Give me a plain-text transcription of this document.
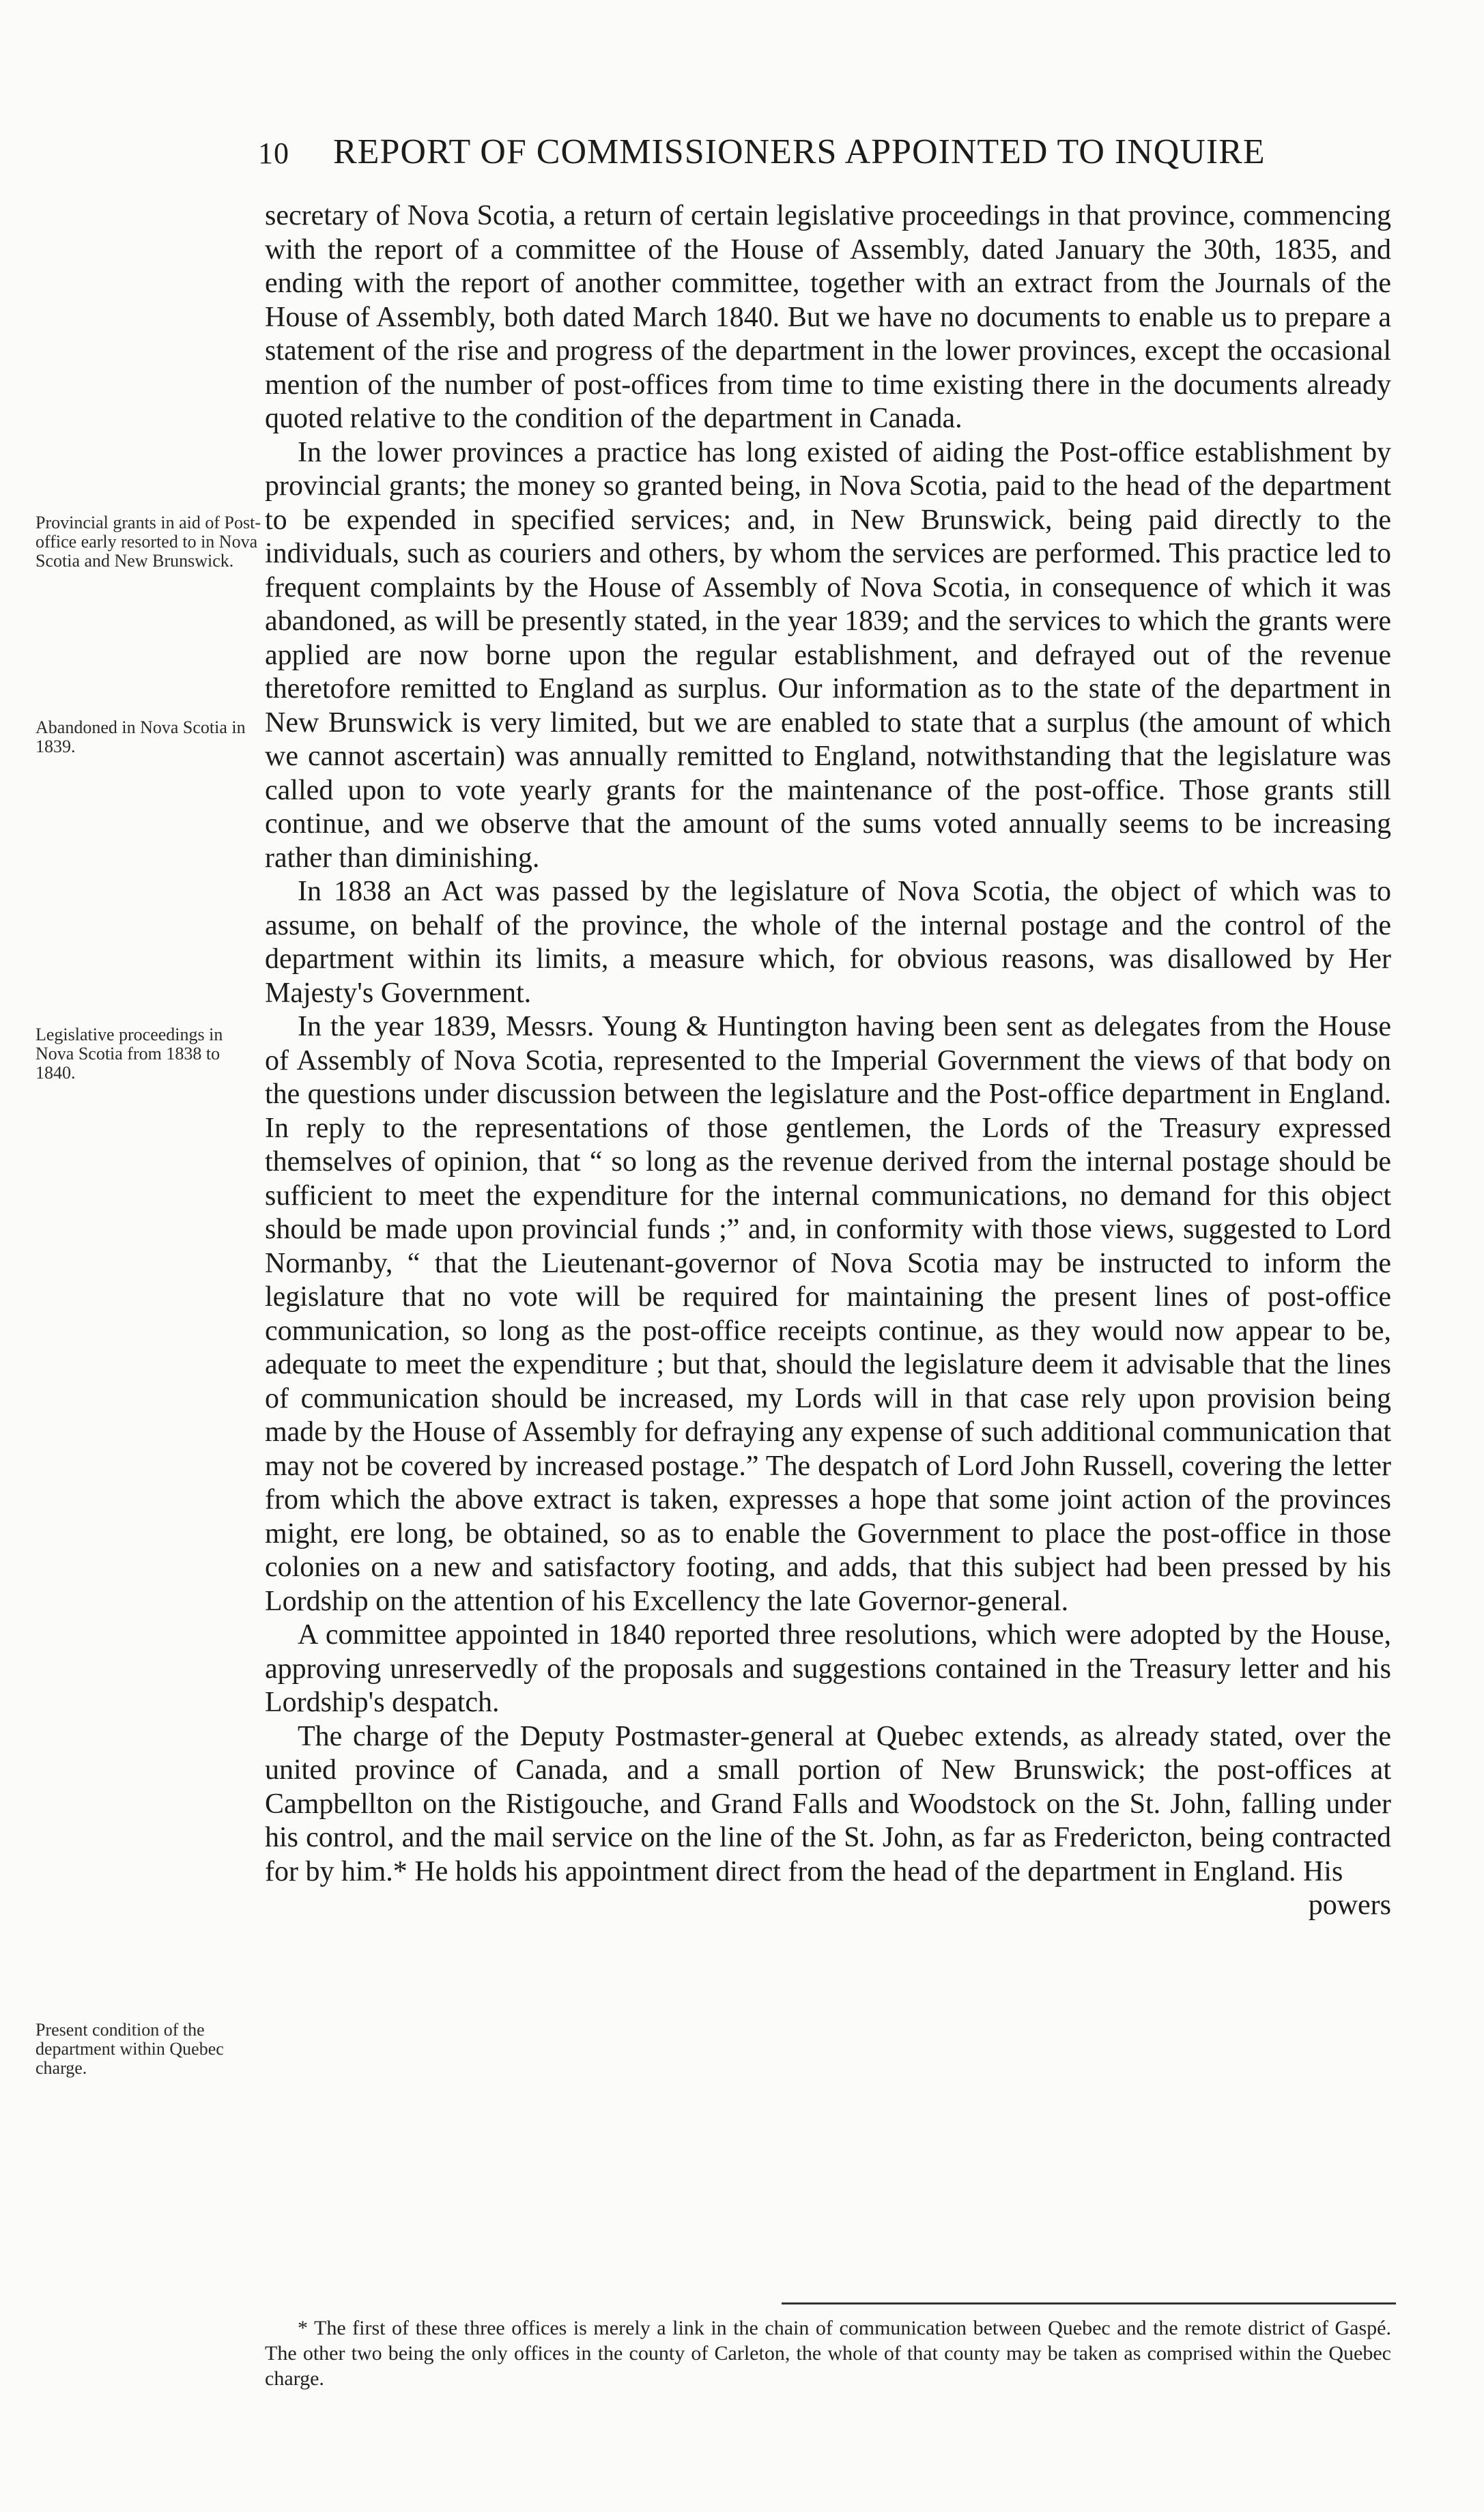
10 REPORT OF COMMISSIONERS APPOINTED TO INQUIRE
Provincial grants in aid of Post-office early resorted to in Nova Scotia and New Brunswick.
Abandoned in Nova Scotia in 1839.
Legislative proceedings in Nova Scotia from 1838 to 1840.
Present condition of the department within Quebec charge.

secretary of Nova Scotia, a return of certain legislative proceedings in that province, commencing with the report of a committee of the House of Assembly, dated January the 30th, 1835, and ending with the report of another committee, together with an extract from the Journals of the House of Assembly, both dated March 1840. But we have no documents to enable us to prepare a statement of the rise and progress of the department in the lower provinces, except the occasional mention of the number of post-offices from time to time existing there in the documents already quoted relative to the condition of the department in Canada.

In the lower provinces a practice has long existed of aiding the Post-office establishment by provincial grants; the money so granted being, in Nova Scotia, paid to the head of the department to be expended in specified services; and, in New Brunswick, being paid directly to the individuals, such as couriers and others, by whom the services are performed. This practice led to frequent complaints by the House of Assembly of Nova Scotia, in consequence of which it was abandoned, as will be presently stated, in the year 1839; and the services to which the grants were applied are now borne upon the regular establishment, and defrayed out of the revenue theretofore remitted to England as surplus. Our information as to the state of the department in New Brunswick is very limited, but we are enabled to state that a surplus (the amount of which we cannot ascertain) was annually remitted to England, notwithstanding that the legislature was called upon to vote yearly grants for the maintenance of the post-office. Those grants still continue, and we observe that the amount of the sums voted annually seems to be increasing rather than diminishing.

In 1838 an Act was passed by the legislature of Nova Scotia, the object of which was to assume, on behalf of the province, the whole of the internal postage and the control of the department within its limits, a measure which, for obvious reasons, was disallowed by Her Majesty's Government.

In the year 1839, Messrs. Young & Huntington having been sent as delegates from the House of Assembly of Nova Scotia, represented to the Imperial Government the views of that body on the questions under discussion between the legislature and the Post-office department in England. In reply to the representations of those gentlemen, the Lords of the Treasury expressed themselves of opinion, that “ so long as the revenue derived from the internal postage should be sufficient to meet the expenditure for the internal communications, no demand for this object should be made upon provincial funds ;” and, in conformity with those views, suggested to Lord Normanby, “ that the Lieutenant-governor of Nova Scotia may be instructed to inform the legislature that no vote will be required for maintaining the present lines of post-office communication, so long as the post-office receipts continue, as they would now appear to be, adequate to meet the expenditure ; but that, should the legislature deem it advisable that the lines of communication should be increased, my Lords will in that case rely upon provision being made by the House of Assembly for defraying any expense of such additional communication that may not be covered by increased postage.” The despatch of Lord John Russell, covering the letter from which the above extract is taken, expresses a hope that some joint action of the provinces might, ere long, be obtained, so as to enable the Government to place the post-office in those colonies on a new and satisfactory footing, and adds, that this subject had been pressed by his Lordship on the attention of his Excellency the late Governor-general.

A committee appointed in 1840 reported three resolutions, which were adopted by the House, approving unreservedly of the proposals and suggestions contained in the Treasury letter and his Lordship's despatch.

The charge of the Deputy Postmaster-general at Quebec extends, as already stated, over the united province of Canada, and a small portion of New Brunswick; the post-offices at Campbellton on the Ristigouche, and Grand Falls and Woodstock on the St. John, falling under his control, and the mail service on the line of the St. John, as far as Fredericton, being contracted for by him.* He holds his appointment direct from the head of the department in England. His

powers

* The first of these three offices is merely a link in the chain of communication between Quebec and the remote district of Gaspé. The other two being the only offices in the county of Carleton, the whole of that county may be taken as comprised within the Quebec charge.
